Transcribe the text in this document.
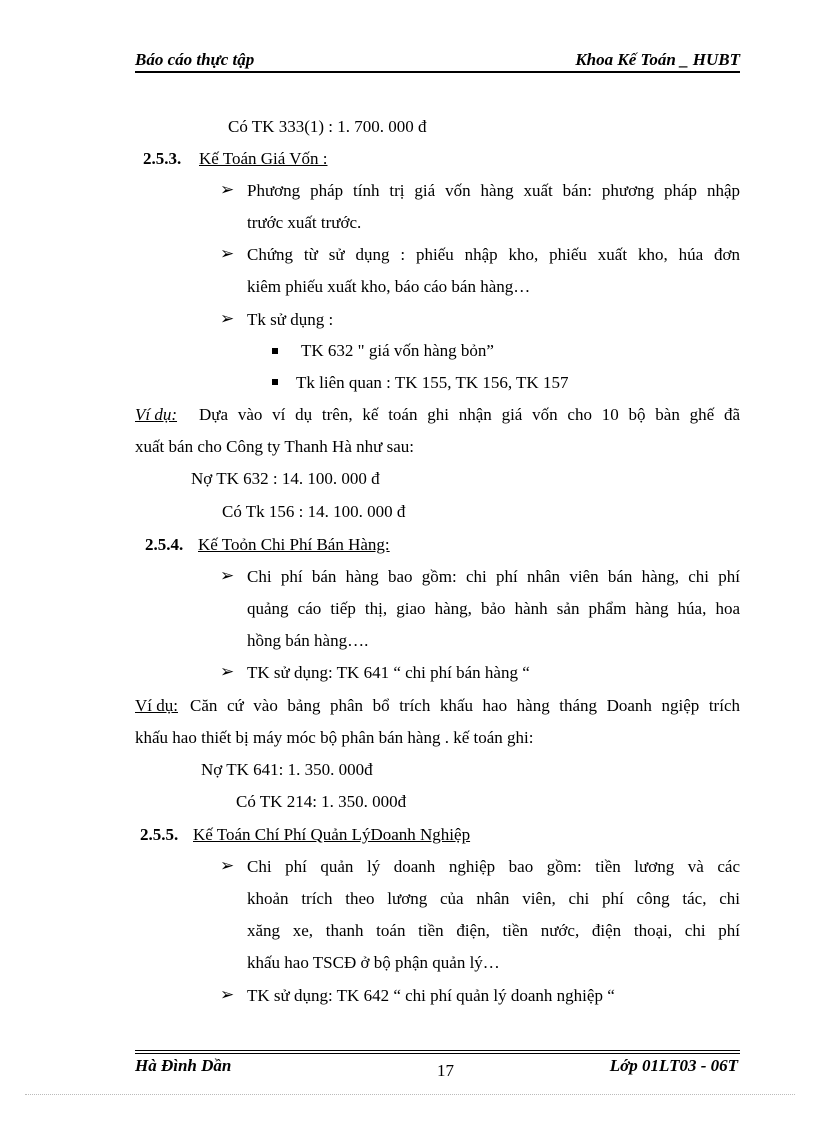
Báo cáo thực tập	Khoa Kế Toán _ HUBT
Có TK 333(1) : 1. 700. 000 đ
2.5.3. Kế Toán Giá Vốn :
➢ Phương pháp tính trị giá vốn hàng xuất bán: phương pháp nhập
trước xuất trước.
➢ Chứng từ sử dụng : phiếu nhập kho, phiếu xuất kho, húa đơn
kiêm phiếu xuất kho, báo cáo bán hàng…
➢ Tk sử dụng :
TK 632 " giá vốn hàng bỏn”
Tk liên quan : TK 155, TK 156, TK 157
Ví dụ: Dựa vào ví dụ trên, kế toán ghi nhận giá vốn cho 10 bộ bàn ghế đã
xuất bán cho Công ty Thanh Hà như sau:
Nợ TK 632 : 14. 100. 000 đ
Có Tk 156 : 14. 100. 000 đ
2.5.4. Kế Toỏn Chi Phí Bán Hàng:
➢ Chi phí bán hàng bao gồm: chi phí nhân viên bán hàng, chi phí
quảng cáo tiếp thị, giao hàng, bảo hành sản phẩm hàng húa, hoa
hồng bán hàng….
➢ TK sử dụng: TK 641 “ chi phí bán hàng “
Ví dụ: Căn cứ vào bảng phân bổ trích khấu hao hàng tháng Doanh ngiệp trích
khấu hao thiết bị máy móc bộ phân bán hàng . kế toán ghi:
Nợ TK 641: 1. 350. 000đ
Có TK 214: 1. 350. 000đ
2.5.5. Kế Toán Chí Phí Quản LýDoanh Nghiệp
➢ Chi phí quản lý doanh nghiệp bao gồm: tiền lương và các
khoản trích theo lương của nhân viên, chi phí công tác, chi
xăng xe, thanh toán tiền điện, tiền nước, điện thoại, chi phí
khấu hao TSCĐ ở bộ phận quản lý…
➢ TK sử dụng: TK 642 “ chi phí quản lý doanh nghiệp “
Hà Đình Dần	17	Lớp 01LT03 - 06T
